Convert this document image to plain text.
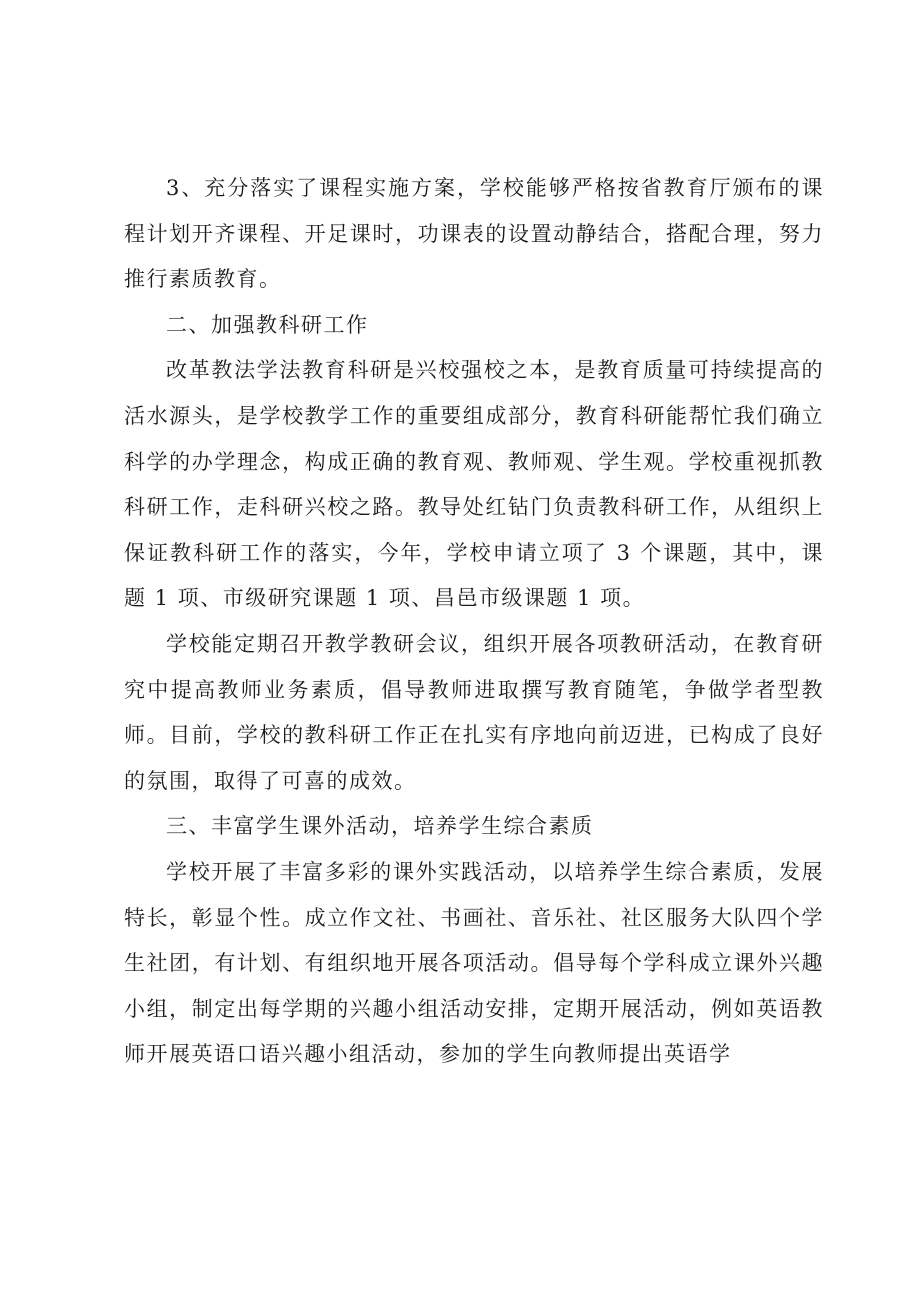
3、充分落实了课程实施方案，学校能够严格按省教育厅颁布的课程计划开齐课程、开足课时，功课表的设置动静结合，搭配合理，努力推行素质教育。

二、加强教科研工作

改革教法学法教育科研是兴校强校之本，是教育质量可持续提高的活水源头，是学校教学工作的重要组成部分，教育科研能帮忙我们确立科学的办学理念，构成正确的教育观、教师观、学生观。学校重视抓教科研工作，走科研兴校之路。教导处红钻门负责教科研工作，从组织上保证教科研工作的落实，今年，学校申请立项了 3 个课题，其中，课题 1 项、市级研究课题 1 项、昌邑市级课题 1 项。

学校能定期召开教学教研会议，组织开展各项教研活动，在教育研究中提高教师业务素质，倡导教师进取撰写教育随笔，争做学者型教师。目前，学校的教科研工作正在扎实有序地向前迈进，已构成了良好的氛围，取得了可喜的成效。

三、丰富学生课外活动，培养学生综合素质

学校开展了丰富多彩的课外实践活动，以培养学生综合素质，发展特长，彰显个性。成立作文社、书画社、音乐社、社区服务大队四个学生社团，有计划、有组织地开展各项活动。倡导每个学科成立课外兴趣小组，制定出每学期的兴趣小组活动安排，定期开展活动，例如英语教师开展英语口语兴趣小组活动，参加的学生向教师提出英语学
